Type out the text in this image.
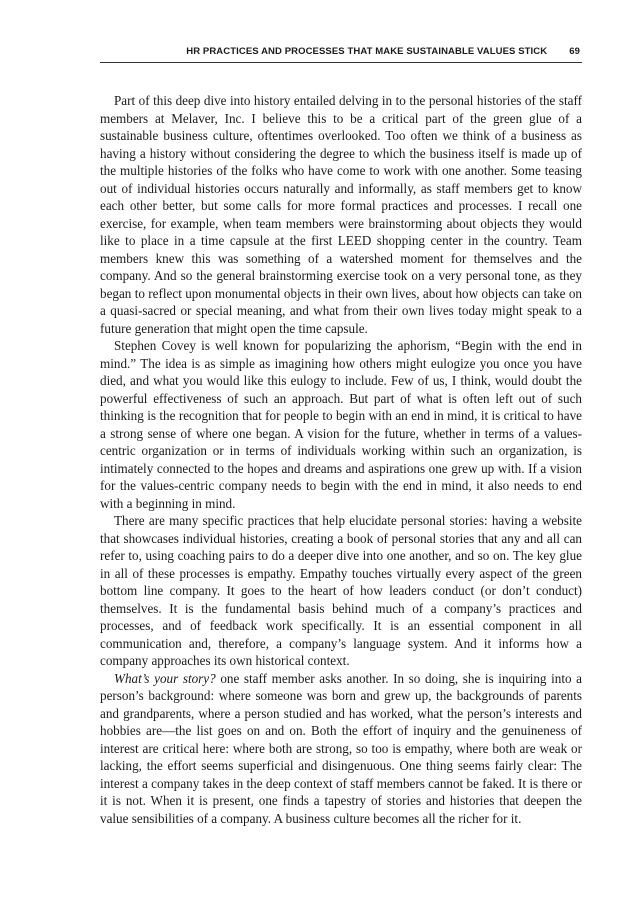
HR PRACTICES AND PROCESSES THAT MAKE SUSTAINABLE VALUES STICK 69

Part of this deep dive into history entailed delving in to the personal histories of the staff members at Melaver, Inc. I believe this to be a critical part of the green glue of a sustainable business culture, oftentimes overlooked. Too often we think of a business as having a history without considering the degree to which the business itself is made up of the multiple histories of the folks who have come to work with one another. Some teasing out of individual histories occurs naturally and informally, as staff members get to know each other better, but some calls for more formal practices and processes. I recall one exercise, for example, when team members were brainstorming about objects they would like to place in a time capsule at the first LEED shopping center in the country. Team members knew this was something of a watershed moment for themselves and the company. And so the general brainstorming exercise took on a very personal tone, as they began to reflect upon monumental objects in their own lives, about how objects can take on a quasi-sacred or special meaning, and what from their own lives today might speak to a future generation that might open the time capsule.

Stephen Covey is well known for popularizing the aphorism, “Begin with the end in mind.” The idea is as simple as imagining how others might eulogize you once you have died, and what you would like this eulogy to include. Few of us, I think, would doubt the powerful effectiveness of such an approach. But part of what is often left out of such thinking is the recognition that for people to begin with an end in mind, it is critical to have a strong sense of where one began. A vision for the future, whether in terms of a values-centric organization or in terms of individuals working within such an organization, is intimately connected to the hopes and dreams and aspirations one grew up with. If a vision for the values-centric company needs to begin with the end in mind, it also needs to end with a beginning in mind.

There are many specific practices that help elucidate personal stories: having a website that showcases individual histories, creating a book of personal stories that any and all can refer to, using coaching pairs to do a deeper dive into one another, and so on. The key glue in all of these processes is empathy. Empathy touches virtually every aspect of the green bottom line company. It goes to the heart of how leaders conduct (or don’t conduct) themselves. It is the fundamental basis behind much of a company’s practices and processes, and of feedback work specifically. It is an essential component in all communication and, therefore, a company’s language system. And it informs how a company approaches its own historical context.

What’s your story? one staff member asks another. In so doing, she is inquiring into a person’s background: where someone was born and grew up, the backgrounds of parents and grandparents, where a person studied and has worked, what the person’s interests and hobbies are—the list goes on and on. Both the effort of inquiry and the genuineness of interest are critical here: where both are strong, so too is empathy, where both are weak or lacking, the effort seems superficial and disingenuous. One thing seems fairly clear: The interest a company takes in the deep context of staff members cannot be faked. It is there or it is not. When it is present, one finds a tapestry of stories and histories that deepen the value sensibilities of a company. A business culture becomes all the richer for it.
